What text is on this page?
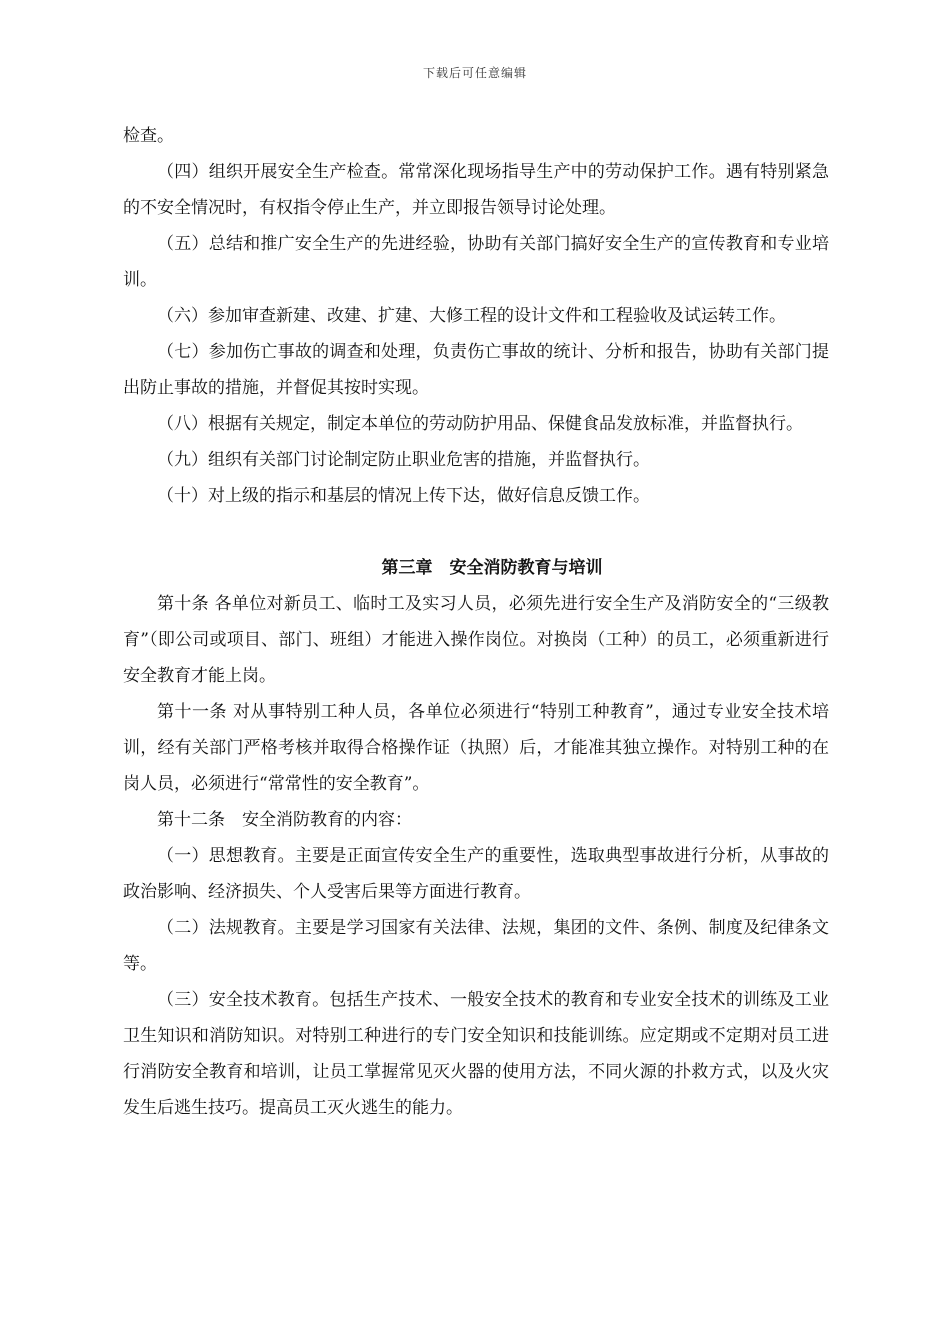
下载后可任意编辑

检查。

（四）组织开展安全生产检查。常常深化现场指导生产中的劳动保护工作。遇有特别紧急的不安全情况时，有权指令停止生产，并立即报告领导讨论处理。

（五）总结和推广安全生产的先进经验，协助有关部门搞好安全生产的宣传教育和专业培训。

（六）参加审查新建、改建、扩建、大修工程的设计文件和工程验收及试运转工作。

（七）参加伤亡事故的调查和处理，负责伤亡事故的统计、分析和报告，协助有关部门提出防止事故的措施，并督促其按时实现。

（八）根据有关规定，制定本单位的劳动防护用品、保健食品发放标准，并监督执行。

（九）组织有关部门讨论制定防止职业危害的措施，并监督执行。

（十）对上级的指示和基层的情况上传下达，做好信息反馈工作。

第三章　安全消防教育与培训

第十条 各单位对新员工、临时工及实习人员，必须先进行安全生产及消防安全的“三级教育”（即公司或项目、部门、班组）才能进入操作岗位。对换岗（工种）的员工，必须重新进行安全教育才能上岗。

第十一条 对从事特别工种人员，各单位必须进行“特别工种教育”，通过专业安全技术培训，经有关部门严格考核并取得合格操作证（执照）后，才能准其独立操作。对特别工种的在岗人员，必须进行“常常性的安全教育”。

第十二条　安全消防教育的内容：

（一）思想教育。主要是正面宣传安全生产的重要性，选取典型事故进行分析，从事故的政治影响、经济损失、个人受害后果等方面进行教育。

（二）法规教育。主要是学习国家有关法律、法规，集团的文件、条例、制度及纪律条文等。

（三）安全技术教育。包括生产技术、一般安全技术的教育和专业安全技术的训练及工业卫生知识和消防知识。对特别工种进行的专门安全知识和技能训练。应定期或不定期对员工进行消防安全教育和培训，让员工掌握常见灭火器的使用方法，不同火源的扑救方式，以及火灾发生后逃生技巧。提高员工灭火逃生的能力。
